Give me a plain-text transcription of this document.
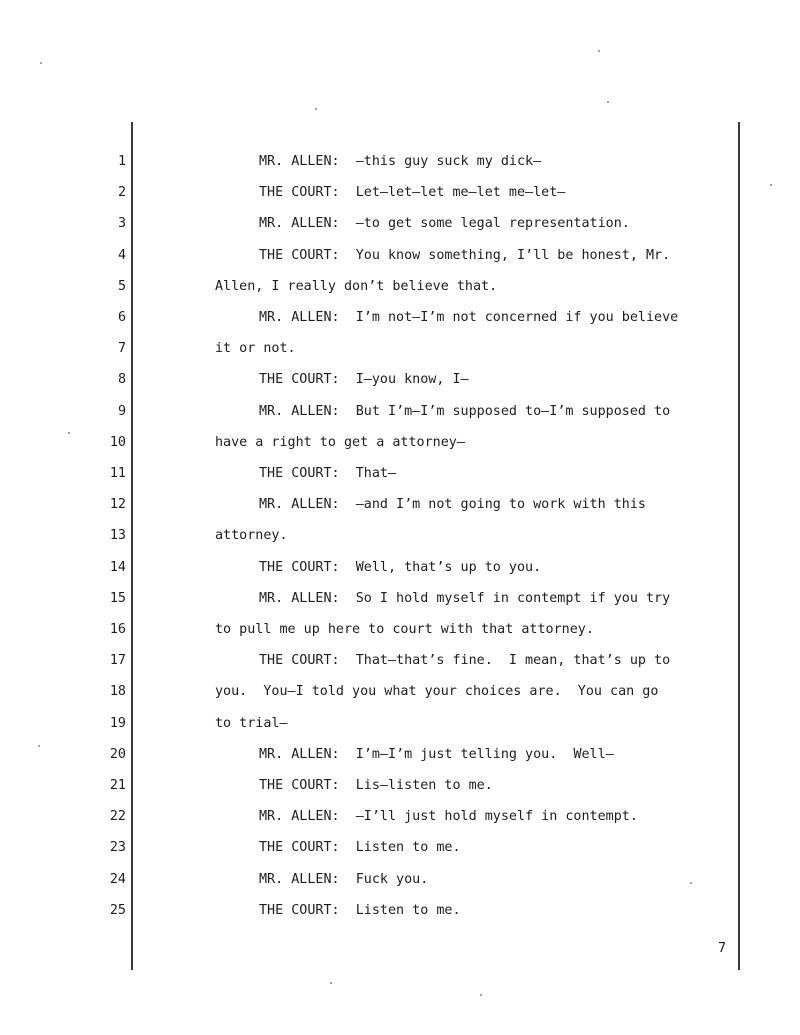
1	MR. ALLEN:  —this guy suck my dick—
2	THE COURT:  Let—let—let me—let me—let—
3	MR. ALLEN:  —to get some legal representation.
4	THE COURT:  You know something, I’ll be honest, Mr.
5	Allen, I really don’t believe that.
6	MR. ALLEN:  I’m not—I’m not concerned if you believe
7	it or not.
8	THE COURT:  I—you know, I—
9	MR. ALLEN:  But I’m—I’m supposed to—I’m supposed to
10	have a right to get a attorney—
11	THE COURT:  That—
12	MR. ALLEN:  —and I’m not going to work with this
13	attorney.
14	THE COURT:  Well, that’s up to you.
15	MR. ALLEN:  So I hold myself in contempt if you try
16	to pull me up here to court with that attorney.
17	THE COURT:  That—that’s fine.  I mean, that’s up to
18	you.  You—I told you what your choices are.  You can go
19	to trial—
20	MR. ALLEN:  I’m—I’m just telling you.  Well—
21	THE COURT:  Lis—listen to me.
22	MR. ALLEN:  —I’ll just hold myself in contempt.
23	THE COURT:  Listen to me.
24	MR. ALLEN:  Fuck you.
25	THE COURT:  Listen to me.
7
